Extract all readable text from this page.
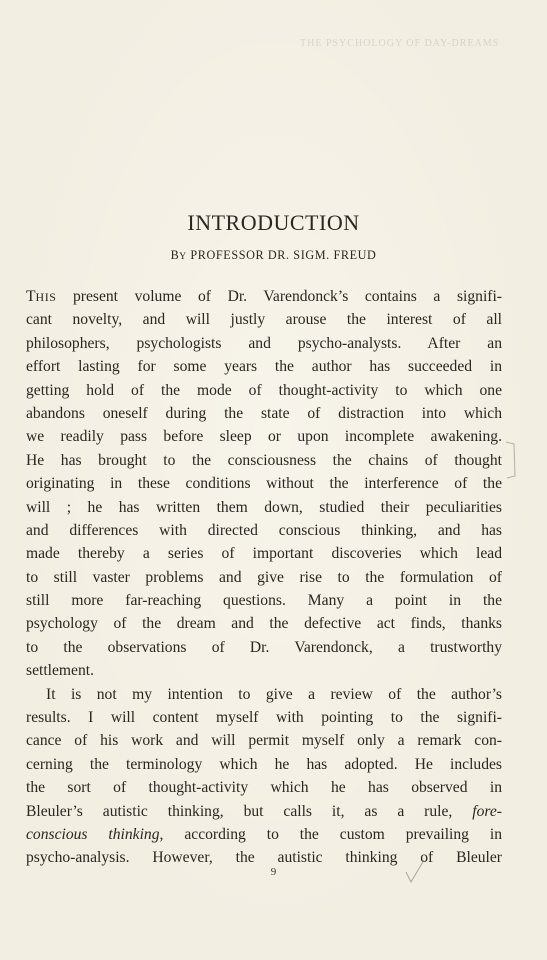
THE PSYCHOLOGY OF DAY-DREAMS
INTRODUCTION
BY PROFESSOR DR. SIGM. FREUD
THIS present volume of Dr. Varendonck’s contains a signifi-
cant novelty, and will justly arouse the interest of all
philosophers, psychologists and psycho-analysts. After an
effort lasting for some years the author has succeeded in
getting hold of the mode of thought-activity to which one
abandons oneself during the state of distraction into which
we readily pass before sleep or upon incomplete awakening.
He has brought to the consciousness the chains of thought
originating in these conditions without the interference of the
will ; he has written them down, studied their peculiarities
and differences with directed conscious thinking, and has
made thereby a series of important discoveries which lead
to still vaster problems and give rise to the formulation of
still more far-reaching questions. Many a point in the
psychology of the dream and the defective act finds, thanks
to the observations of Dr. Varendonck, a trustworthy
settlement.
It is not my intention to give a review of the author’s
results. I will content myself with pointing to the signifi-
cance of his work and will permit myself only a remark con-
cerning the terminology which he has adopted. He includes
the sort of thought-activity which he has observed in
Bleuler’s autistic thinking, but calls it, as a rule, fore-
conscious thinking, according to the custom prevailing in
psycho-analysis. However, the autistic thinking of Bleuler
9
